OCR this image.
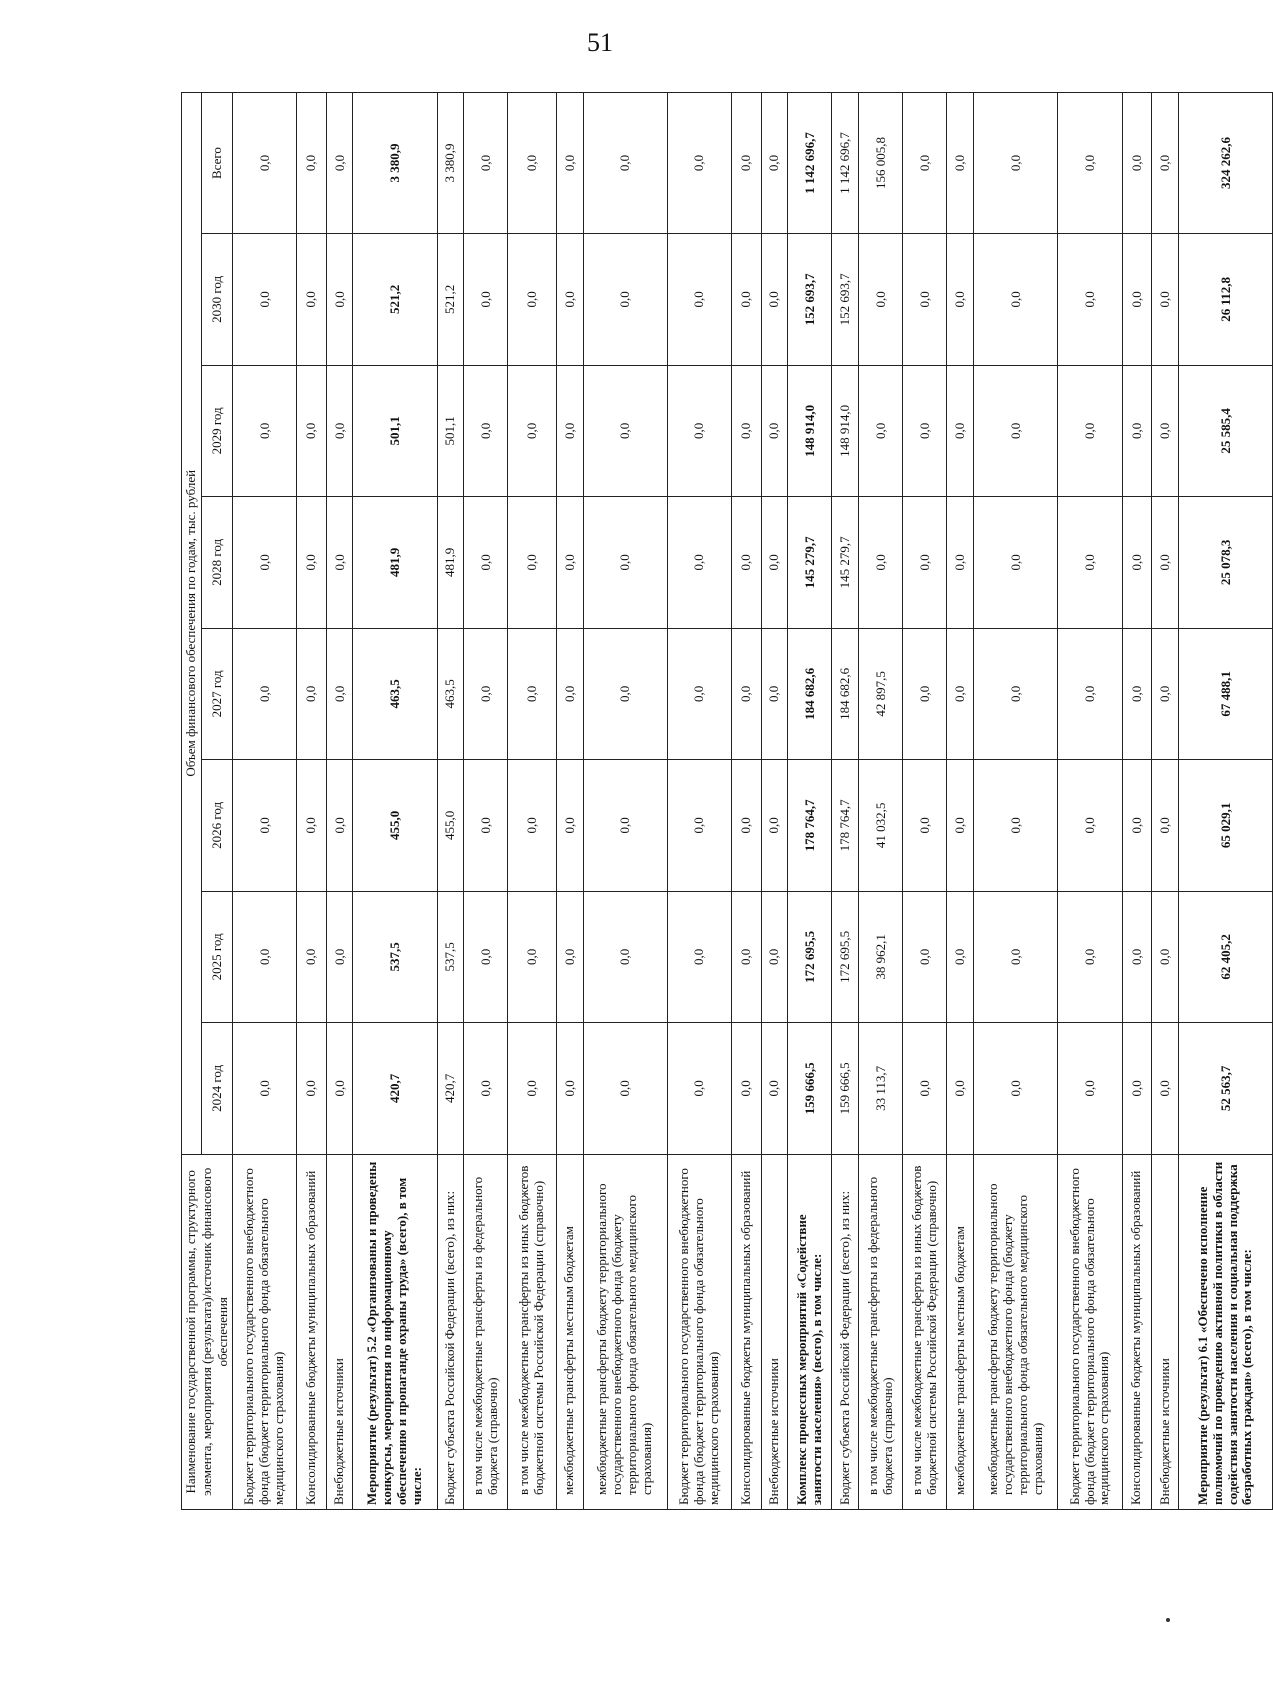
51
Наименование государственной программы, структурного элемента, мероприятия (результата)/источник финансового обеспечения	Объем финансового обеспечения по годам, тыс. рублей							
	2024 год	2025 год	2026 год	2027 год	2028 год	2029 год	2030 год	Всего
Бюджет территориального государственного внебюджетного фонда (бюджет территориального фонда обязательного медицинского страхования)	0,0	0,0	0,0	0,0	0,0	0,0	0,0	0,0
Консолидированные бюджеты муниципальных образований	0,0	0,0	0,0	0,0	0,0	0,0	0,0	0,0
Внебюджетные источники	0,0	0,0	0,0	0,0	0,0	0,0	0,0	0,0
Мероприятие (результат) 5.2 «Организованы и проведены конкурсы, мероприятия по информационному обеспечению и пропаганде охраны труда» (всего), в том числе:	420,7	537,5	455,0	463,5	481,9	501,1	521,2	3 380,9
Бюджет субъекта Российской Федерации (всего), из них:	420,7	537,5	455,0	463,5	481,9	501,1	521,2	3 380,9
в том числе межбюджетные трансферты из федерального бюджета (справочно)	0,0	0,0	0,0	0,0	0,0	0,0	0,0	0,0
в том числе межбюджетные трансферты из иных бюджетов бюджетной системы Российской Федерации (справочно)	0,0	0,0	0,0	0,0	0,0	0,0	0,0	0,0
межбюджетные трансферты местным бюджетам	0,0	0,0	0,0	0,0	0,0	0,0	0,0	0,0
межбюджетные трансферты бюджету территориального государственного внебюджетного фонда (бюджету территориального фонда обязательного медицинского страхования)	0,0	0,0	0,0	0,0	0,0	0,0	0,0	0,0
Бюджет территориального государственного внебюджетного фонда (бюджет территориального фонда обязательного медицинского страхования)	0,0	0,0	0,0	0,0	0,0	0,0	0,0	0,0
Консолидированные бюджеты муниципальных образований	0,0	0,0	0,0	0,0	0,0	0,0	0,0	0,0
Внебюджетные источники	0,0	0,0	0,0	0,0	0,0	0,0	0,0	0,0
Комплекс процессных мероприятий «Содействие занятости населения» (всего), в том числе:	159 666,5	172 695,5	178 764,7	184 682,6	145 279,7	148 914,0	152 693,7	1 142 696,7
Бюджет субъекта Российской Федерации (всего), из них:	159 666,5	172 695,5	178 764,7	184 682,6	145 279,7	148 914,0	152 693,7	1 142 696,7
в том числе межбюджетные трансферты из федерального бюджета (справочно)	33 113,7	38 962,1	41 032,5	42 897,5	0,0	0,0	0,0	156 005,8
в том числе межбюджетные трансферты из иных бюджетов бюджетной системы Российской Федерации (справочно)	0,0	0,0	0,0	0,0	0,0	0,0	0,0	0,0
межбюджетные трансферты местным бюджетам	0,0	0,0	0,0	0,0	0,0	0,0	0,0	0,0
межбюджетные трансферты бюджету территориального государственного внебюджетного фонда (бюджету территориального фонда обязательного медицинского страхования)	0,0	0,0	0,0	0,0	0,0	0,0	0,0	0,0
Бюджет территориального государственного внебюджетного фонда (бюджет территориального фонда обязательного медицинского страхования)	0,0	0,0	0,0	0,0	0,0	0,0	0,0	0,0
Консолидированные бюджеты муниципальных образований	0,0	0,0	0,0	0,0	0,0	0,0	0,0	0,0
Внебюджетные источники	0,0	0,0	0,0	0,0	0,0	0,0	0,0	0,0
Мероприятие (результат) 6.1 «Обеспечено исполнение полномочий по проведению активной политики в области содействия занятости населения и социальная поддержка безработных граждан» (всего), в том числе:	52 563,7	62 405,2	65 029,1	67 488,1	25 078,3	25 585,4	26 112,8	324 262,6
